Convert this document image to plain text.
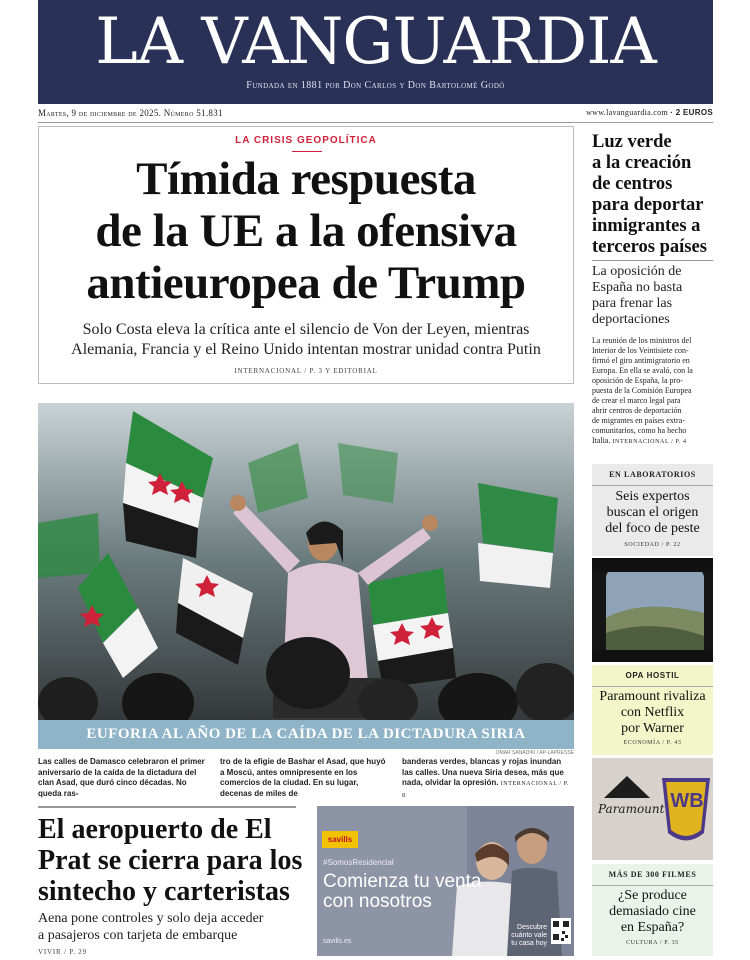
LA VANGUARDIA
Fundada en 1881 por Don Carlos y Don Bartolomé Godó
Martes, 9 de diciembre de 2025. Número 51.831	www.lavanguardia.com · 2 EUROS
LA CRISIS GEOPOLÍTICA
Tímida respuesta
de la UE a la ofensiva
antieuropea de Trump
Solo Costa eleva la crítica ante el silencio de Von der Leyen, mientras
Alemania, Francia y el Reino Unido intentan mostrar unidad contra Putin
INTERNACIONAL / P. 3 Y EDITORIAL
EUFORIA AL AÑO DE LA CAÍDA DE LA DICTADURA SIRIA
OMAR SANADIKI / AP-LAPRESSE
Las calles de Damasco celebraron el primer aniversario de la caída de la dictadura del clan Asad, que duró cinco décadas. No queda ras-
tro de la efigie de Bashar el Asad, que huyó a Moscú, antes omnipresente en los comercios de la ciudad. En su lugar, decenas de miles de
banderas verdes, blancas y rojas inundan las calles. Una nueva Siria desea, más que nada, olvidar la opresión. INTERNACIONAL / P. 8
El aeropuerto de El
Prat se cierra para los
sintecho y carteristas
Aena pone controles y solo deja acceder
a pasajeros con tarjeta de embarque
VIVIR / P. 29
savills
#SomosResidencial
Comienza tu venta
con nosotros
savills.es
Descubre
cuánto vale
tu casa hoy
Luz verde
a la creación
de centros
para deportar
inmigrantes a
terceros países
La oposición de
España no basta
para frenar las
deportaciones
La reunión de los ministros del
Interior de los Veintisiete con-
firmó el giro antimigratorio en
Europa. En ella se avaló, con la
oposición de España, la pro-
puesta de la Comisión Europea
de crear el marco legal para
abrir centros de deportación
de migrantes en países extra-
comunitarios, como ha hecho
Italia. INTERNACIONAL / P. 4
EN LABORATORIOS
Seis expertos
buscan el origen
del foco de peste
SOCIEDAD / P. 22
OPA HOSTIL
Paramount rivaliza
con Netflix
por Warner
ECONOMÍA / P. 43
Paramount WB
MÁS DE 300 FILMES
¿Se produce
demasiado cine
en España?
CULTURA / P. 35
